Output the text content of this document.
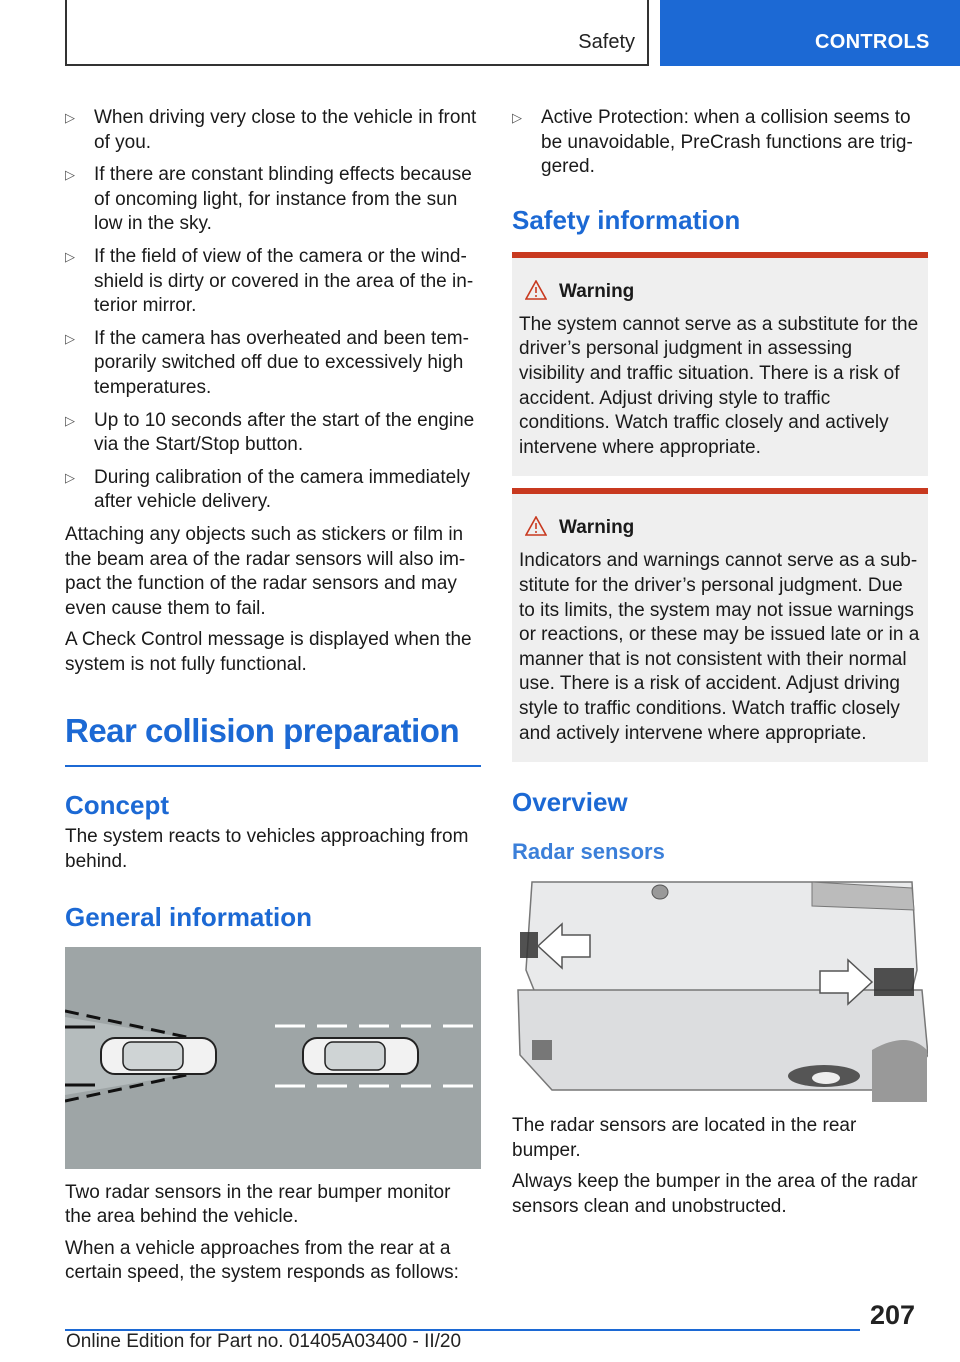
Safety	CONTROLS
▷ When driving very close to the vehicle in front of you.
▷ If there are constant blinding effects because of oncoming light, for instance from the sun low in the sky.
▷ If the field of view of the camera or the windshield is dirty or covered in the area of the interior mirror.
▷ If the camera has overheated and been temporarily switched off due to excessively high temperatures.
▷ Up to 10 seconds after the start of the engine via the Start/Stop button.
▷ During calibration of the camera immediately after vehicle delivery.

Attaching any objects such as stickers or film in the beam area of the radar sensors will also impact the function of the radar sensors and may even cause them to fail.

A Check Control message is displayed when the system is not fully functional.

Rear collision preparation
Concept

The system reacts to vehicles approaching from behind.

General information

Two radar sensors in the rear bumper monitor the area behind the vehicle.

When a vehicle approaches from the rear at a certain speed, the system responds as follows:

▷ Active Protection: when a collision seems to be unavoidable, PreCrash functions are triggered.
Safety information
Warning

The system cannot serve as a substitute for the driver’s personal judgment in assessing visibility and traffic situation. There is a risk of accident. Adjust driving style to traffic conditions. Watch traffic closely and actively intervene where appropriate.

Warning

Indicators and warnings cannot serve as a substitute for the driver’s personal judgment. Due to its limits, the system may not issue warnings or reactions, or these may be issued late or in a manner that is not consistent with their normal use. There is a risk of accident. Adjust driving style to traffic conditions. Watch traffic closely and actively intervene where appropriate.

Overview
Radar sensors

The radar sensors are located in the rear bumper.

Always keep the bumper in the area of the radar sensors clean and unobstructed.

207
Online Edition for Part no. 01405A03400 - II/20
